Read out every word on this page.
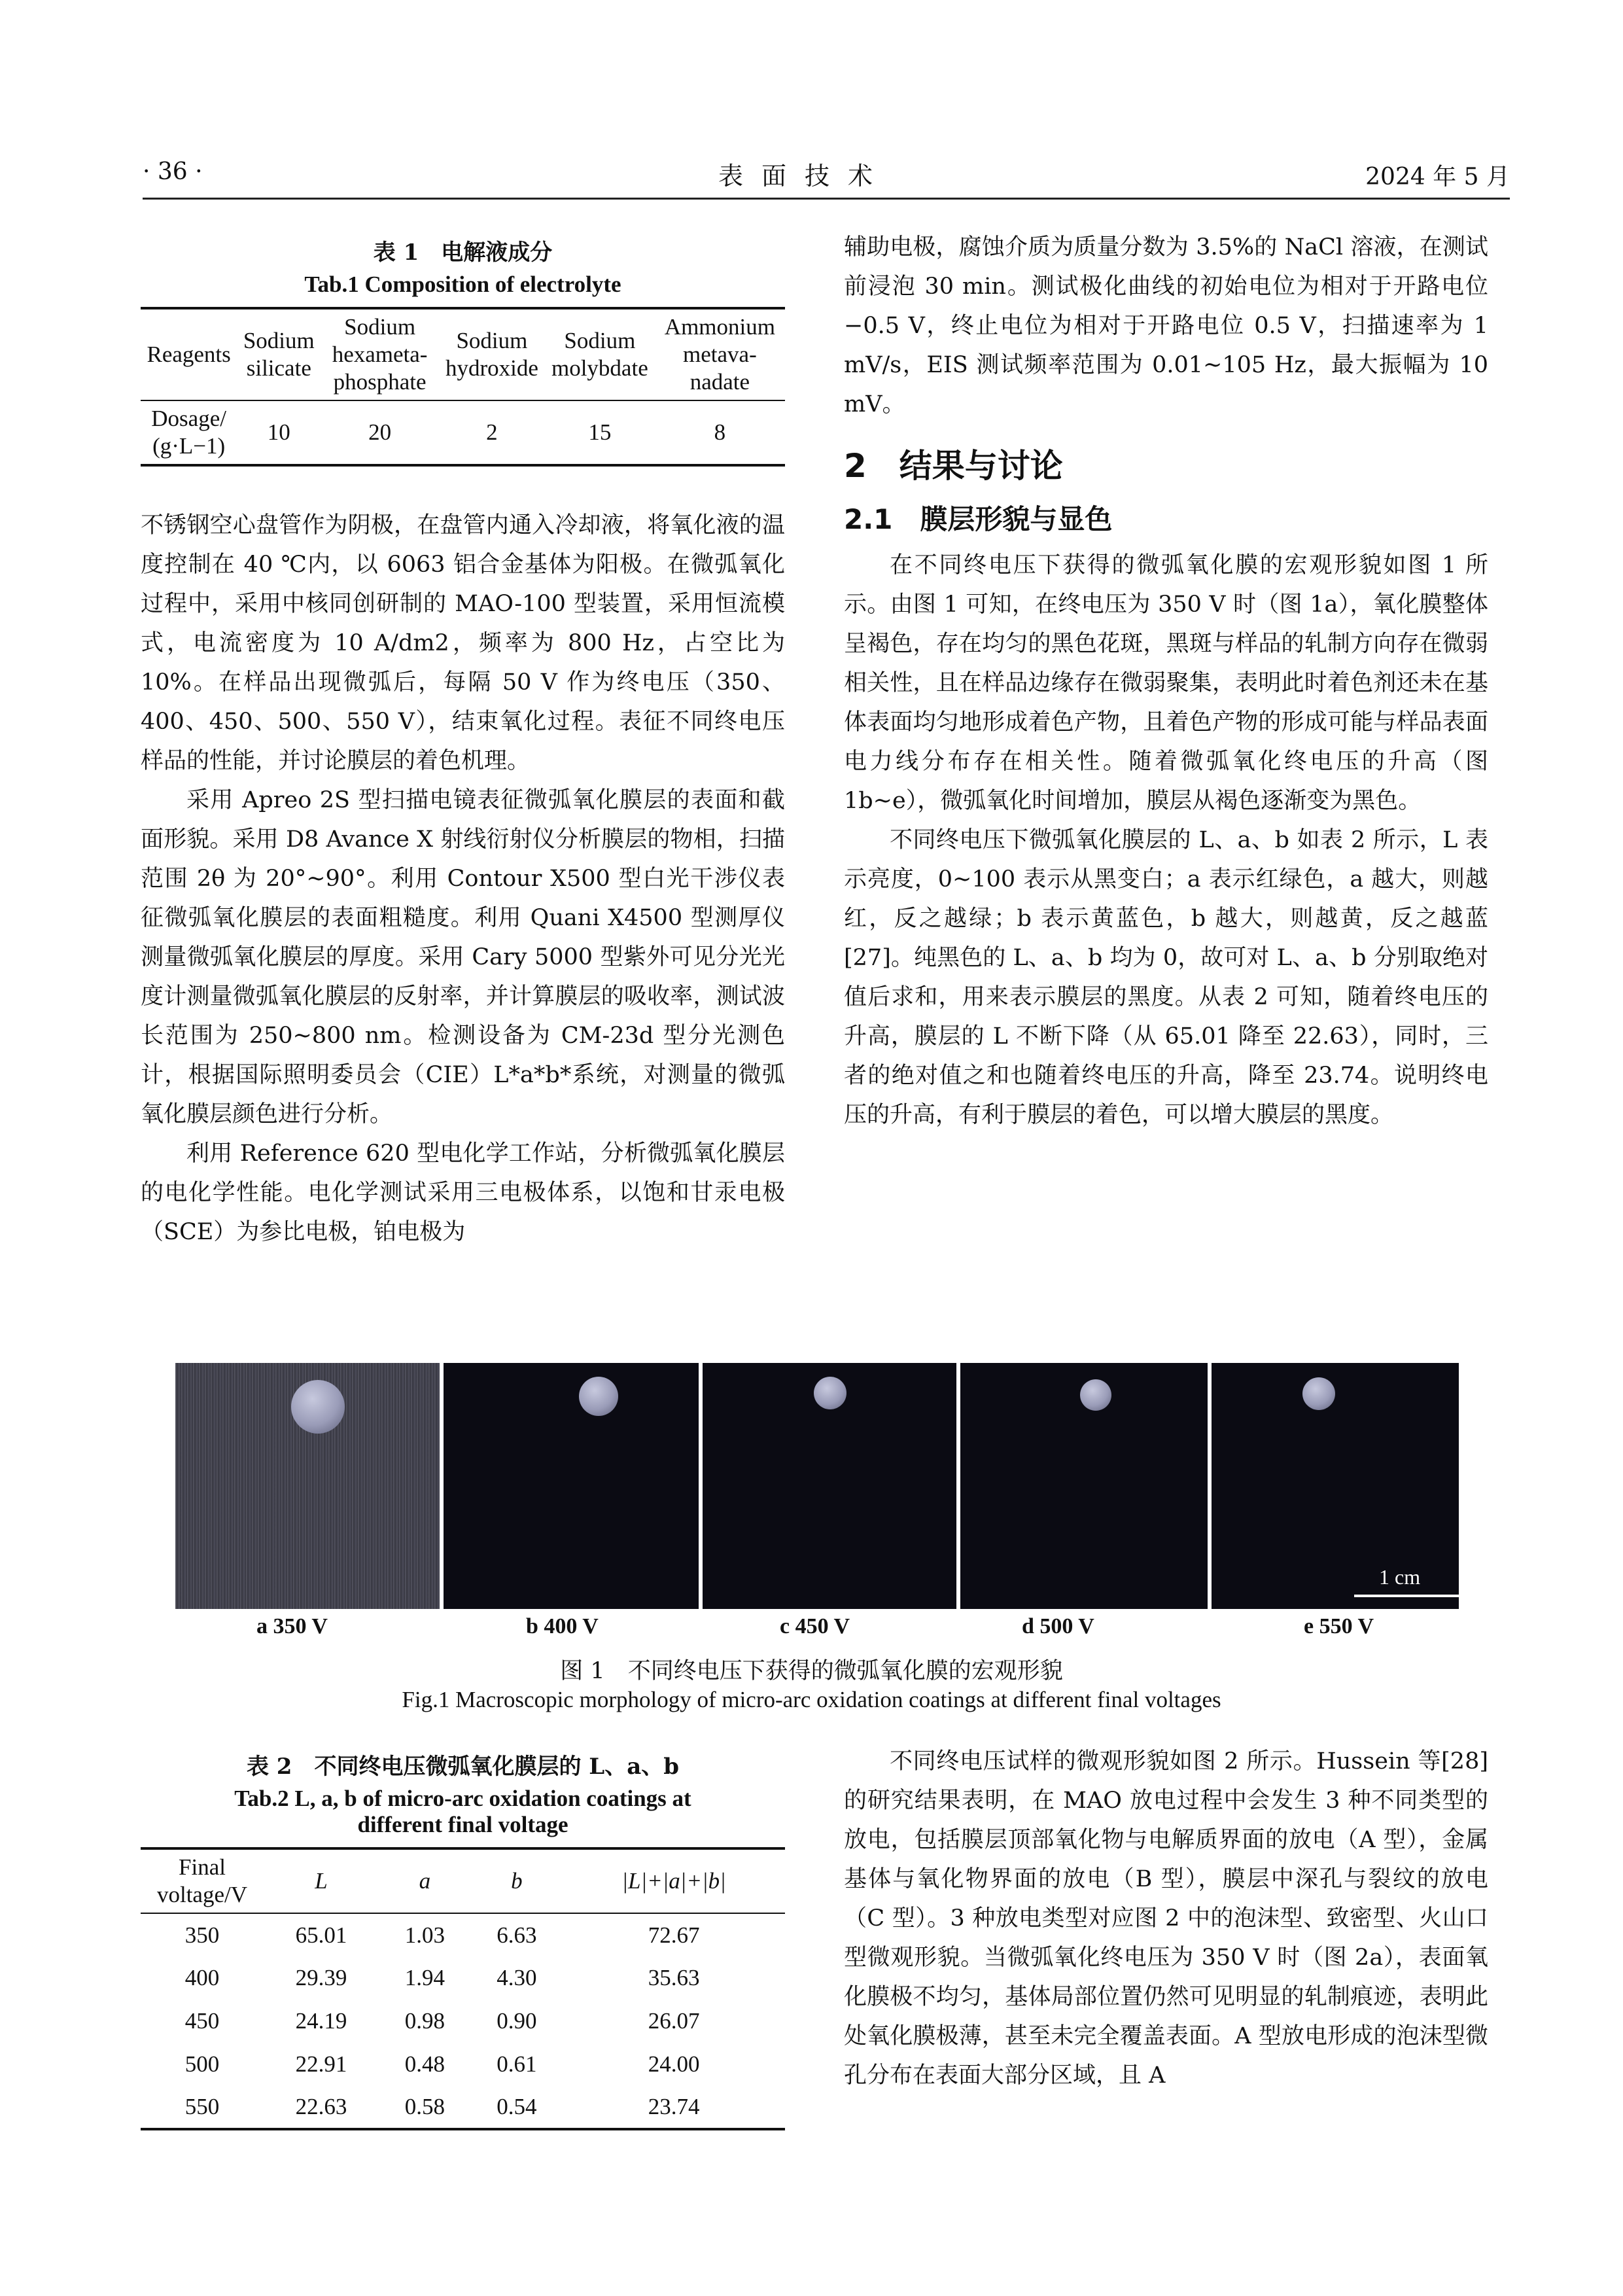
· 36 ·	表面技术	2024 年 5 月
表 1　电解液成分
Tab.1 Composition of electrolyte
Reagents	Sodium silicate	Sodium hexameta-phosphate	Sodium hydroxide	Sodium molybdate	Ammonium metava-nadate
Dosage/ (g·L−1)	10	20	2	15	8

不锈钢空心盘管作为阴极，在盘管内通入冷却液，将氧化液的温度控制在 40 ℃内，以 6063 铝合金基体为阳极。在微弧氧化过程中，采用中核同创研制的 MAO-100 型装置，采用恒流模式，电流密度为 10 A/dm2，频率为 800 Hz，占空比为 10%。在样品出现微弧后，每隔 50 V 作为终电压（350、400、450、500、550 V），结束氧化过程。表征不同终电压样品的性能，并讨论膜层的着色机理。

采用 Apreo 2S 型扫描电镜表征微弧氧化膜层的表面和截面形貌。采用 D8 Avance X 射线衍射仪分析膜层的物相，扫描范围 2θ 为 20°~90°。利用 Contour X500 型白光干涉仪表征微弧氧化膜层的表面粗糙度。利用 Quani X4500 型测厚仪测量微弧氧化膜层的厚度。采用 Cary 5000 型紫外可见分光光度计测量微弧氧化膜层的反射率，并计算膜层的吸收率，测试波长范围为 250~800 nm。检测设备为 CM-23d 型分光测色计，根据国际照明委员会（CIE）L*a*b*系统，对测量的微弧氧化膜层颜色进行分析。

利用 Reference 620 型电化学工作站，分析微弧氧化膜层的电化学性能。电化学测试采用三电极体系，以饱和甘汞电极（SCE）为参比电极，铂电极为

辅助电极，腐蚀介质为质量分数为 3.5%的 NaCl 溶液，在测试前浸泡 30 min。测试极化曲线的初始电位为相对于开路电位−0.5 V，终止电位为相对于开路电位 0.5 V，扫描速率为 1 mV/s，EIS 测试频率范围为 0.01~105 Hz，最大振幅为 10 mV。

2　结果与讨论
2.1　膜层形貌与显色

在不同终电压下获得的微弧氧化膜的宏观形貌如图 1 所示。由图 1 可知，在终电压为 350 V 时（图 1a），氧化膜整体呈褐色，存在均匀的黑色花斑，黑斑与样品的轧制方向存在微弱相关性，且在样品边缘存在微弱聚集，表明此时着色剂还未在基体表面均匀地形成着色产物，且着色产物的形成可能与样品表面电力线分布存在相关性。随着微弧氧化终电压的升高（图 1b~e），微弧氧化时间增加，膜层从褐色逐渐变为黑色。

不同终电压下微弧氧化膜层的 L、a、b 如表 2 所示，L 表示亮度，0~100 表示从黑变白；a 表示红绿色，a 越大，则越红，反之越绿；b 表示黄蓝色，b 越大，则越黄，反之越蓝[27]。纯黑色的 L、a、b 均为 0，故可对 L、a、b 分别取绝对值后求和，用来表示膜层的黑度。从表 2 可知，随着终电压的升高，膜层的 L 不断下降（从 65.01 降至 22.63），同时，三者的绝对值之和也随着终电压的升高，降至 23.74。说明终电压的升高，有利于膜层的着色，可以增大膜层的黑度。

1 cm
a 350 V	b 400 V	c 450 V	d 500 V	e 550 V
图 1　不同终电压下获得的微弧氧化膜的宏观形貌
Fig.1 Macroscopic morphology of micro-arc oxidation coatings at different final voltages
表 2　不同终电压微弧氧化膜层的 L、a、b
Tab.2 L, a, b of micro-arc oxidation coatings at
different final voltage
Final voltage/V	L	a	b	|L|+|a|+|b|
350	65.01	1.03	6.63	72.67
400	29.39	1.94	4.30	35.63
450	24.19	0.98	0.90	26.07
500	22.91	0.48	0.61	24.00
550	22.63	0.58	0.54	23.74

不同终电压试样的微观形貌如图 2 所示。Hussein 等[28]的研究结果表明，在 MAO 放电过程中会发生 3 种不同类型的放电，包括膜层顶部氧化物与电解质界面的放电（A 型），金属基体与氧化物界面的放电（B 型），膜层中深孔与裂纹的放电（C 型）。3 种放电类型对应图 2 中的泡沫型、致密型、火山口型微观形貌。当微弧氧化终电压为 350 V 时（图 2a），表面氧化膜极不均匀，基体局部位置仍然可见明显的轧制痕迹，表明此处氧化膜极薄，甚至未完全覆盖表面。A 型放电形成的泡沫型微孔分布在表面大部分区域，且 A
